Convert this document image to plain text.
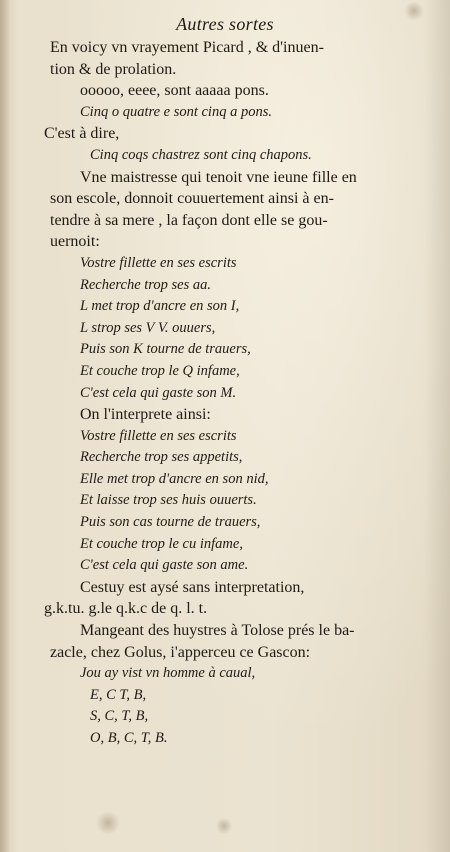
Autres sortes
En voicy vn vrayement Picard , & d'inuen-
tion & de prolation.
ooooo, eeee, sont aaaaa pons.
Cinq o quatre e sont cinq a pons.
C'est à dire,
Cinq coqs chastrez sont cinq chapons.
Vne maistresse qui tenoit vne ieune fille en
son escole, donnoit couuertement ainsi à en-
tendre à sa mere , la façon dont elle se gou-
uernoit:
Vostre fillette en ses escrits
Recherche trop ses aa.
L met trop d'ancre en son I,
L strop ses V V. ouuers,
Puis son K tourne de trauers,
Et couche trop le Q infame,
C'est cela qui gaste son M.
On l'interprete ainsi:
Vostre fillette en ses escrits
Recherche trop ses appetits,
Elle met trop d'ancre en son nid,
Et laisse trop ses huis ouuerts.
Puis son cas tourne de trauers,
Et couche trop le cu infame,
C'est cela qui gaste son ame.
Cestuy est aysé sans interpretation,
g.k.tu. g.le q.k.c de q. l. t.
Mangeant des huystres à Tolose prés le ba-
zacle, chez Golus, i'apperceu ce Gascon:
Jou ay vist vn homme à caual,
E, C T, B,
S, C, T, B,
O, B, C, T, B.
